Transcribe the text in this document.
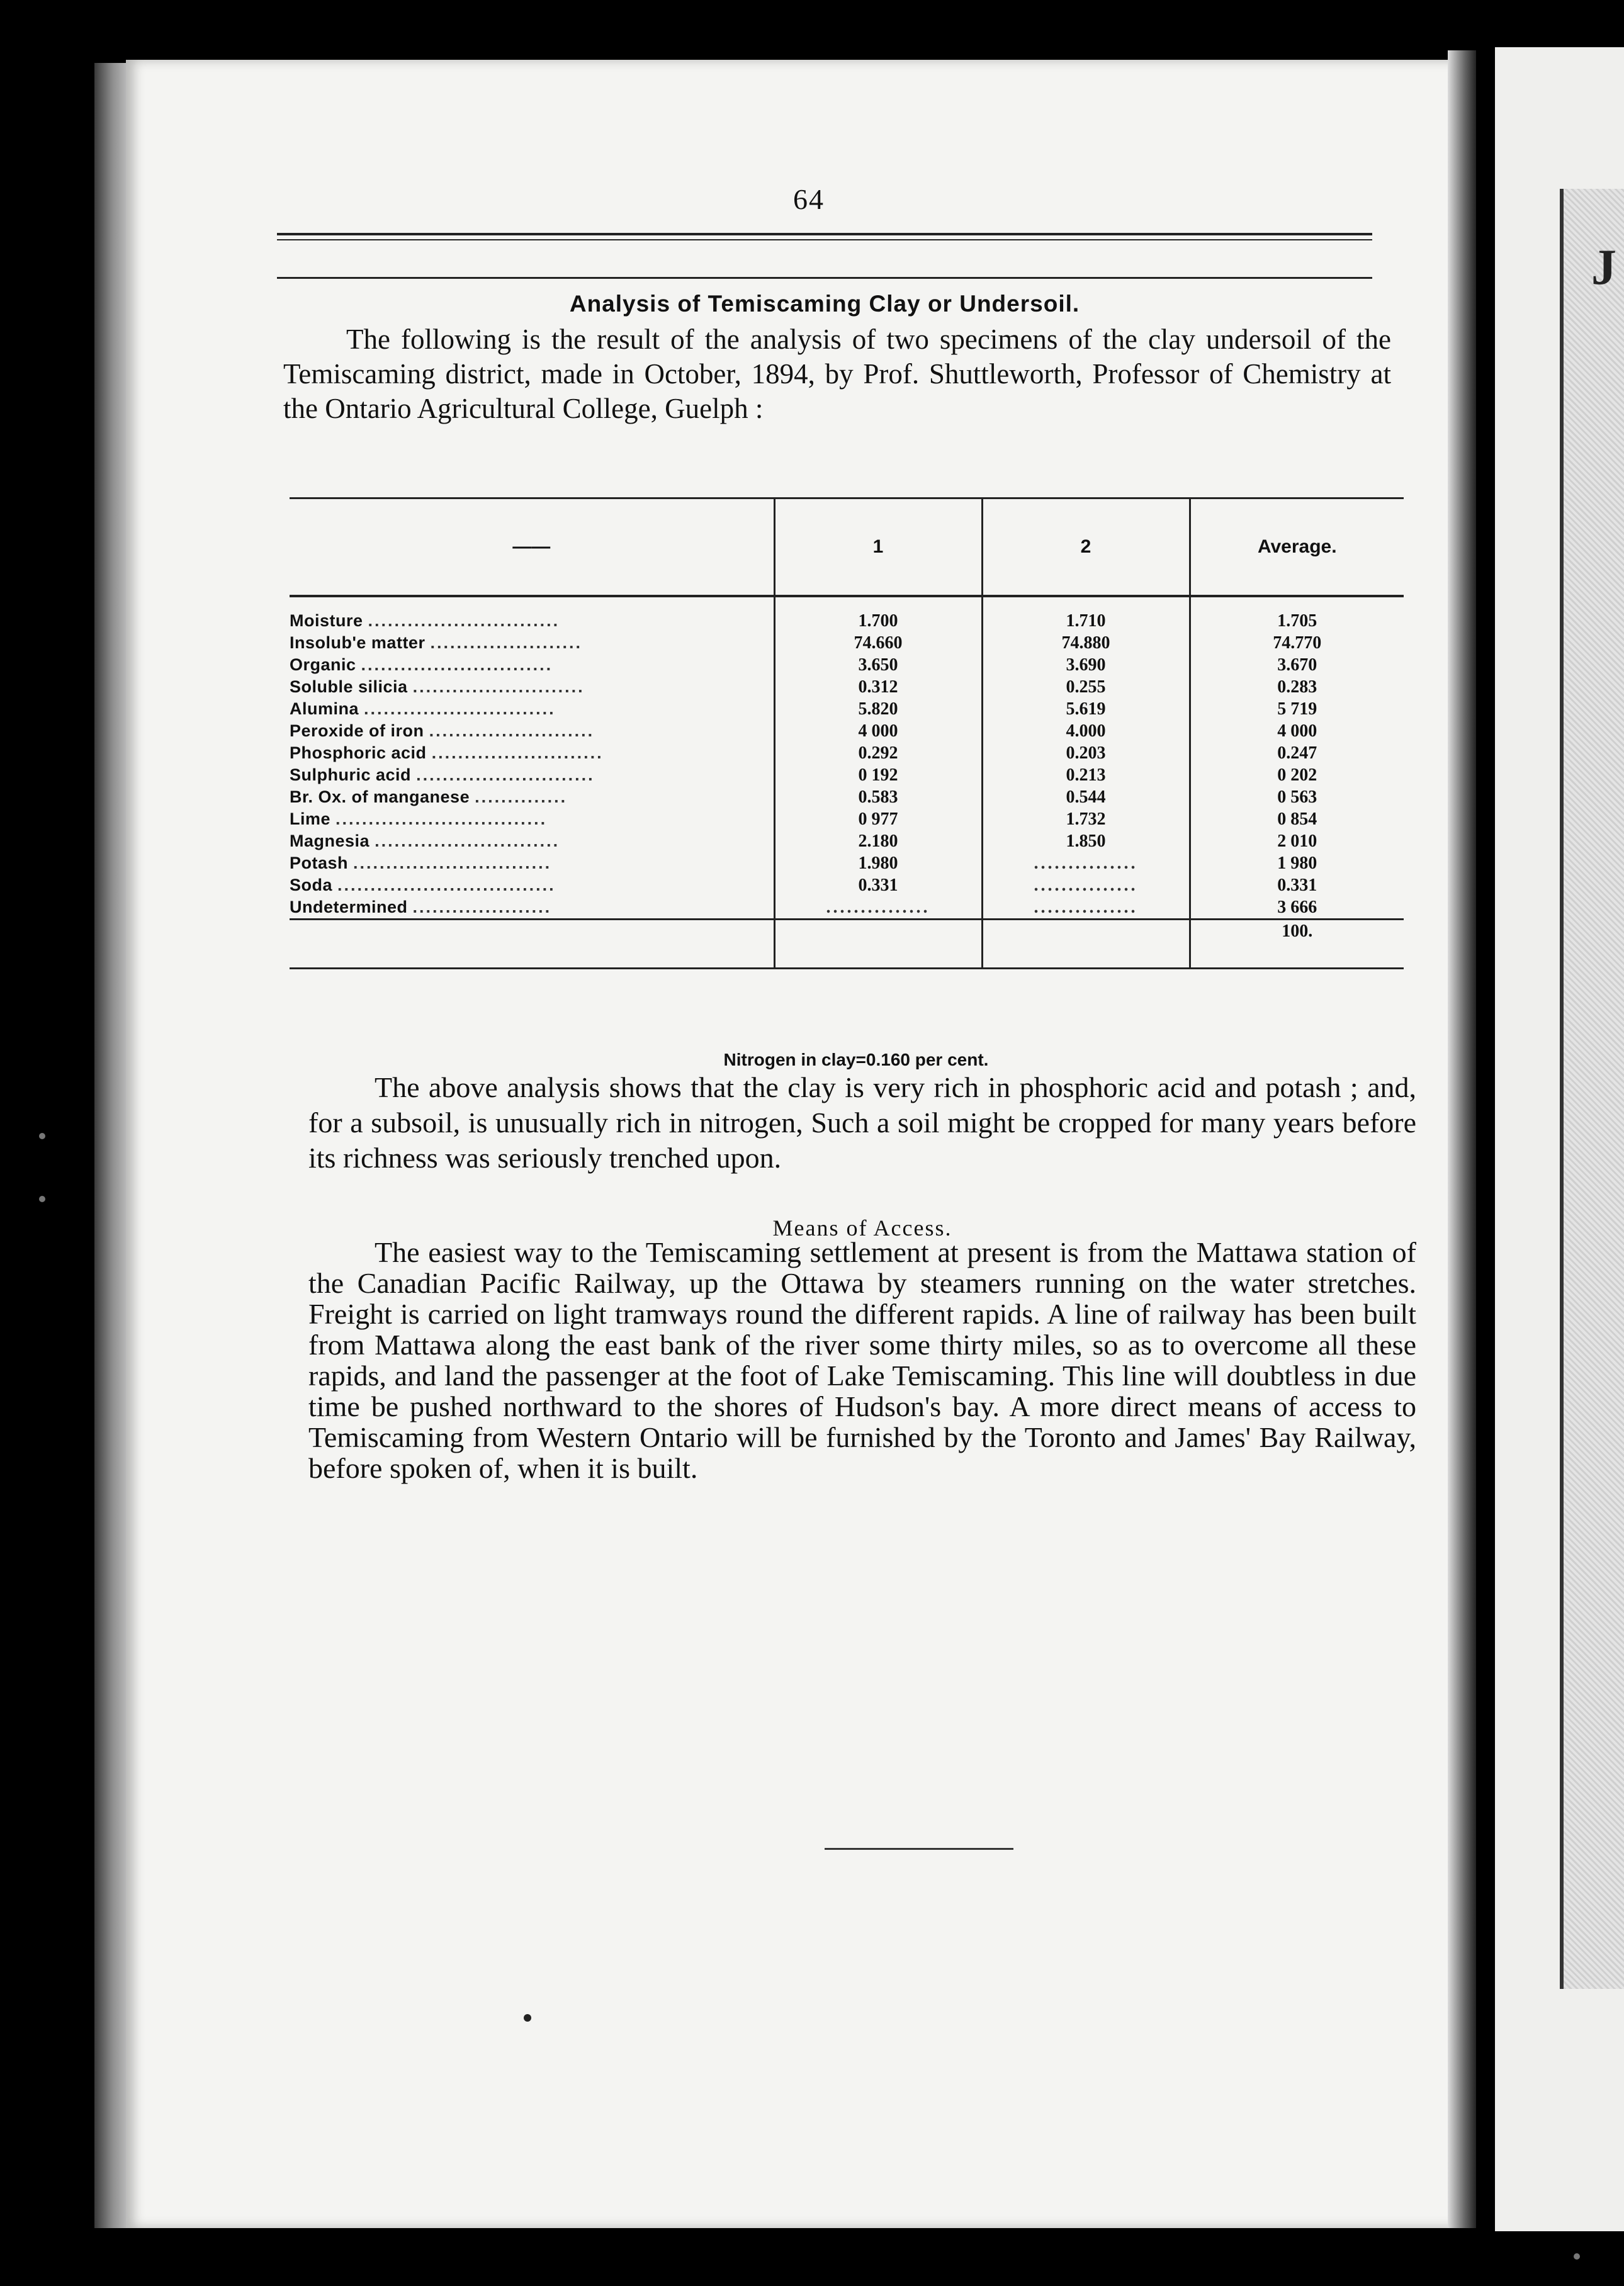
J
64
Analysis of Temiscaming Clay or Undersoil.
The following is the result of the analysis of two specimens of the clay undersoil of the Temiscaming district, made in October, 1894, by Prof. Shuttleworth, Professor of Chemistry at the Ontario Agricultural College, Guelph :
——	1	2	Average.
Moisture .............................	1.700	1.710	1.705
Insolub'e matter .......................	74.660	74.880	74.770
Organic .............................	3.650	3.690	3.670
Soluble silicia ..........................	0.312	0.255	0.283
Alumina .............................	5.820	5.619	5 719
Peroxide of iron .........................	4 000	4.000	4 000
Phosphoric acid ..........................	0.292	0.203	0.247
Sulphuric acid ...........................	0 192	0.213	0 202
Br. Ox. of manganese ..............	0.583	0.544	0 563
Lime ................................	0 977	1.732	0 854
Magnesia ............................	2.180	1.850	2 010
Potash ..............................	1.980	...............	1 980
Soda .................................	0.331	...............	0.331
Undetermined .....................	...............	...............	3 666
			100.

Nitrogen in clay=0.160 per cent.
The above analysis shows that the clay is very rich in phosphoric acid and potash ; and, for a subsoil, is unusually rich in nitrogen, Such a soil might be cropped for many years before its richness was seriously trenched upon.
Means of Access.
The easiest way to the Temiscaming settlement at present is from the Mattawa station of the Canadian Pacific Railway, up the Ottawa by steamers running on the water stretches. Freight is carried on light tramways round the different rapids. A line of railway has been built from Mattawa along the east bank of the river some thirty miles, so as to overcome all these rapids, and land the passenger at the foot of Lake Temiscaming. This line will doubtless in due time be pushed northward to the shores of Hudson's bay. A more direct means of access to Temiscaming from Western Ontario will be furnished by the Toronto and James' Bay Railway, before spoken of, when it is built.
